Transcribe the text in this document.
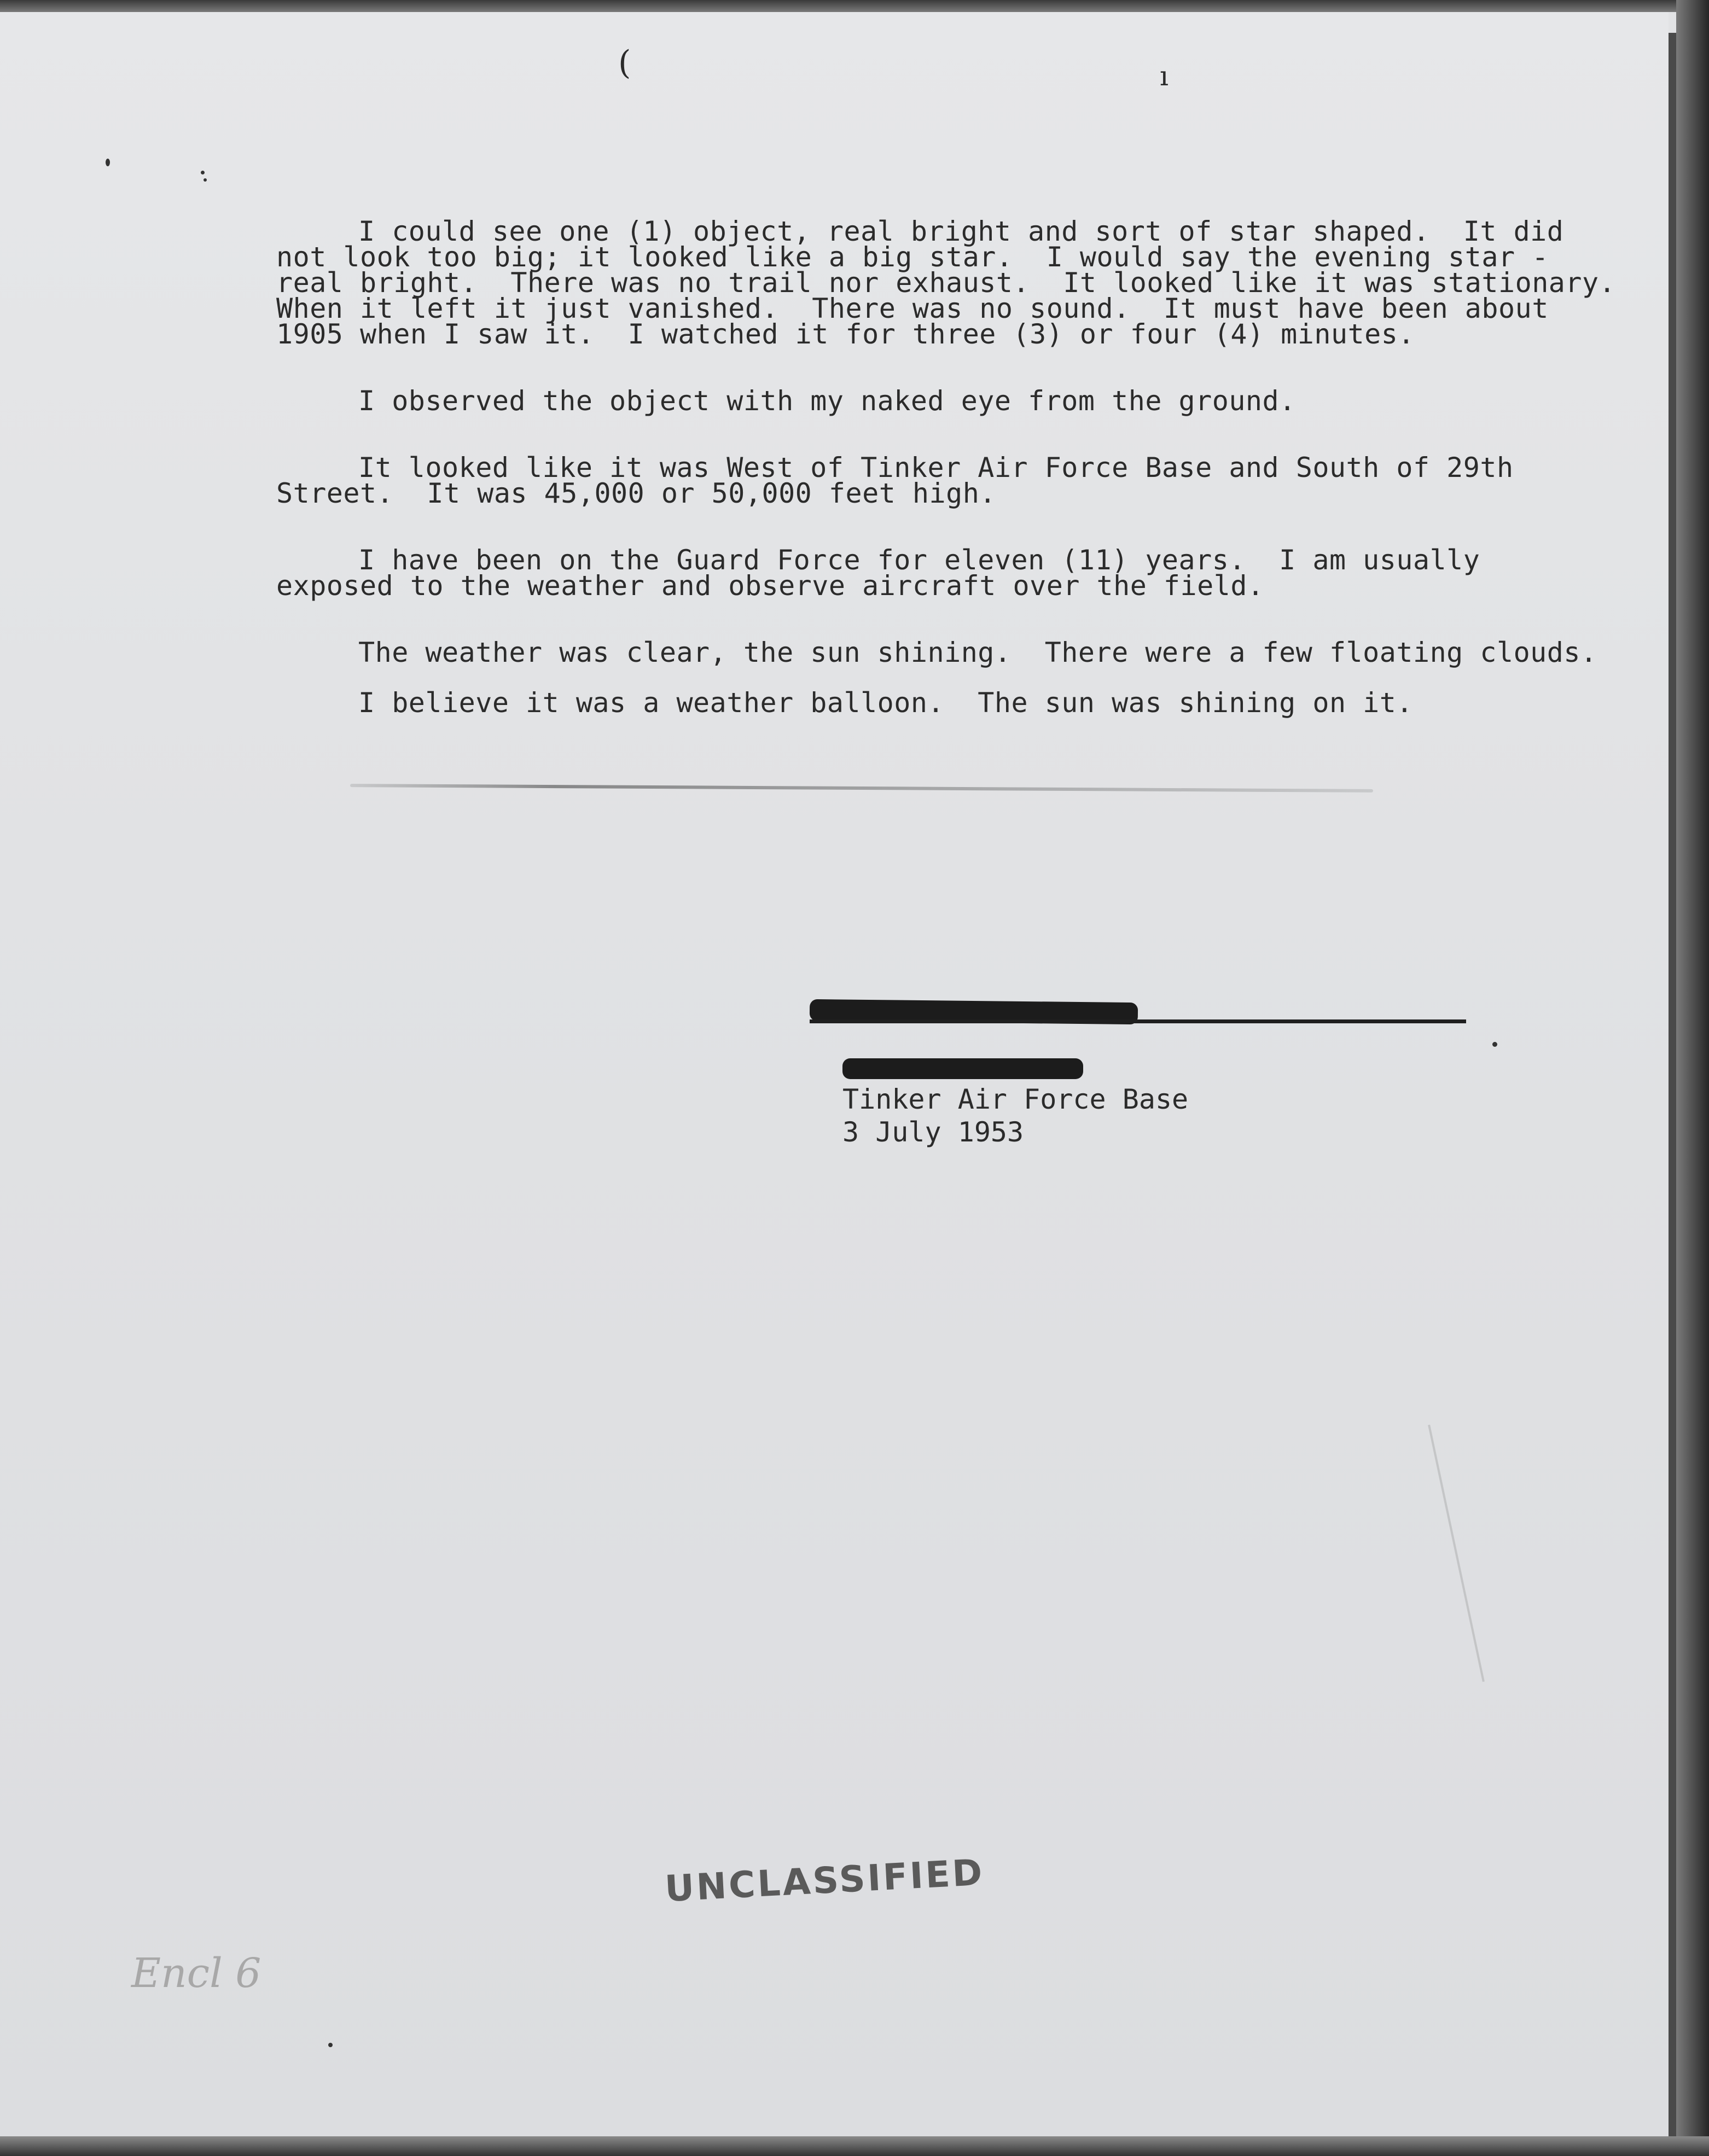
(	ı
I could see one (1) object, real bright and sort of star shaped.  It did
not look too big; it looked like a big star.  I would say the evening star -
real bright.  There was no trail nor exhaust.  It looked like it was stationary.
When it left it just vanished.  There was no sound.  It must have been about
1905 when I saw it.  I watched it for three (3) or four (4) minutes.
I observed the object with my naked eye from the ground.
It looked like it was West of Tinker Air Force Base and South of 29th
Street.  It was 45,000 or 50,000 feet high.
I have been on the Guard Force for eleven (11) years.  I am usually
exposed to the weather and observe aircraft over the field.
The weather was clear, the sun shining.  There were a few floating clouds.
I believe it was a weather balloon.  The sun was shining on it.
Tinker Air Force Base
3 July 1953
UNCLASSIFIED
Encl 6
